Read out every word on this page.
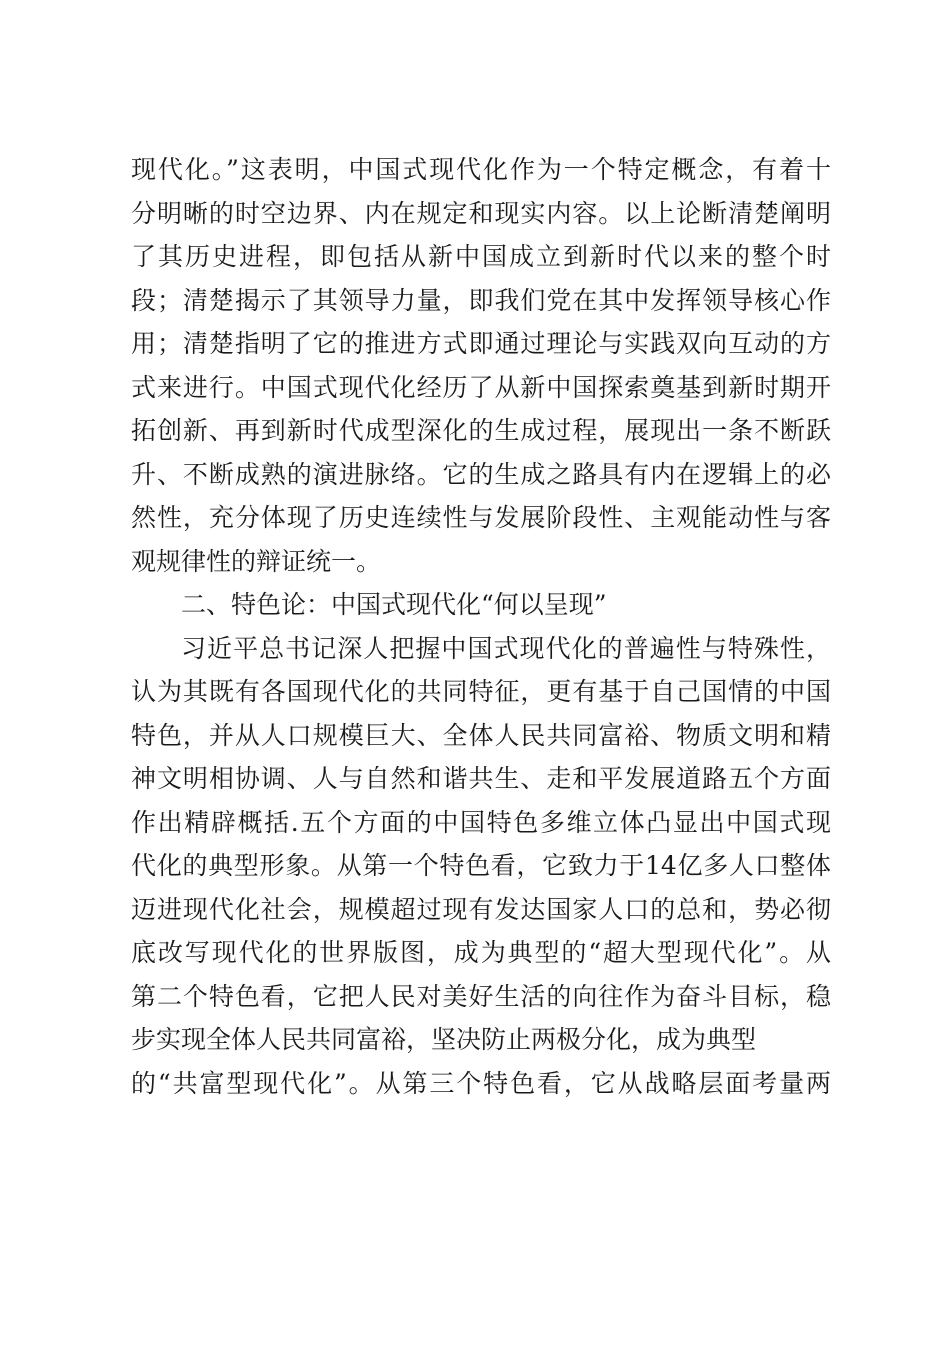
现代化。”这表明，中国式现代化作为一个特定概念，有着十
分明晰的时空边界、内在规定和现实内容。以上论断清楚阐明
了其历史进程，即包括从新中国成立到新时代以来的整个时
段；清楚揭示了其领导力量，即我们党在其中发挥领导核心作
用；清楚指明了它的推进方式即通过理论与实践双向互动的方
式来进行。中国式现代化经历了从新中国探索奠基到新时期开
拓创新、再到新时代成型深化的生成过程，展现出一条不断跃
升、不断成熟的演进脉络。它的生成之路具有内在逻辑上的必
然性，充分体现了历史连续性与发展阶段性、主观能动性与客
观规律性的辩证统一。
二、特色论：中国式现代化“何以呈现”
习近平总书记深人把握中国式现代化的普遍性与特殊性，
认为其既有各国现代化的共同特征，更有基于自己国情的中国
特色，并从人口规模巨大、全体人民共同富裕、物质文明和精
神文明相协调、人与自然和谐共生、走和平发展道路五个方面
作出精辟概括.五个方面的中国特色多维立体凸显出中国式现
代化的典型形象。从第一个特色看，它致力于14亿多人口整体
迈进现代化社会，规模超过现有发达国家人口的总和，势必彻
底改写现代化的世界版图，成为典型的“超大型现代化”。从
第二个特色看，它把人民对美好生活的向往作为奋斗目标，稳
步实现全体人民共同富裕，坚决防止两极分化，成为典型
的“共富型现代化”。从第三个特色看，它从战略层面考量两
